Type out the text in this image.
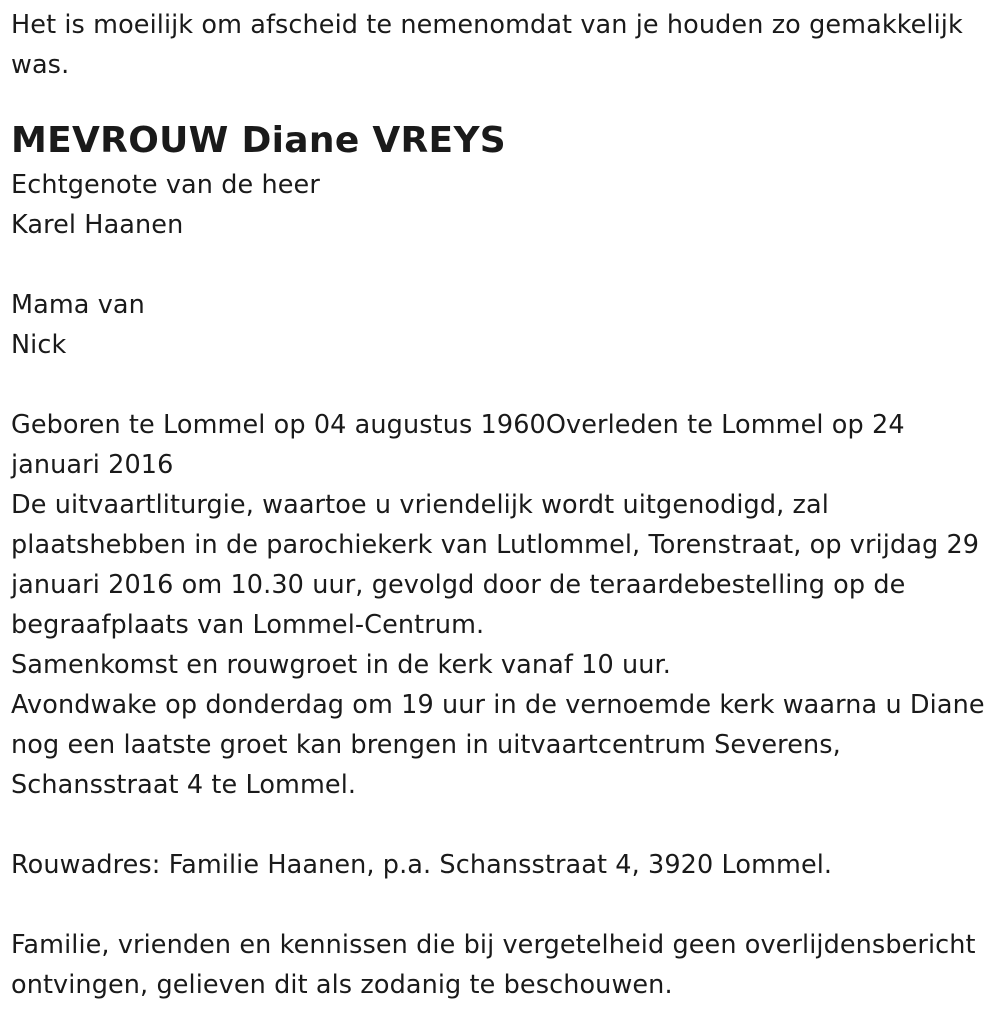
Het is moeilijk om afscheid te nemenomdat van je houden zo gemakkelijk was.

MEVROUW Diane VREYS

Echtgenote van de heer

Karel Haanen

Mama van

Nick

Geboren te Lommel op 04 augustus 1960Overleden te Lommel op 24 januari 2016

De uitvaartliturgie, waartoe u vriendelijk wordt uitgenodigd, zal plaatshebben in de parochiekerk van Lutlommel, Torenstraat, op vrijdag 29 januari 2016 om 10.30 uur, gevolgd door de teraardebestelling op de begraafplaats van Lommel-Centrum.

Samenkomst en rouwgroet in de kerk vanaf 10 uur.

Avondwake op donderdag om 19 uur in de vernoemde kerk waarna u Diane nog een laatste groet kan brengen in uitvaartcentrum Severens, Schansstraat 4 te Lommel.

Rouwadres: Familie Haanen, p.a. Schansstraat 4, 3920 Lommel.

Familie, vrienden en kennissen die bij vergetelheid geen overlijdensbericht ontvingen, gelieven dit als zodanig te beschouwen.
